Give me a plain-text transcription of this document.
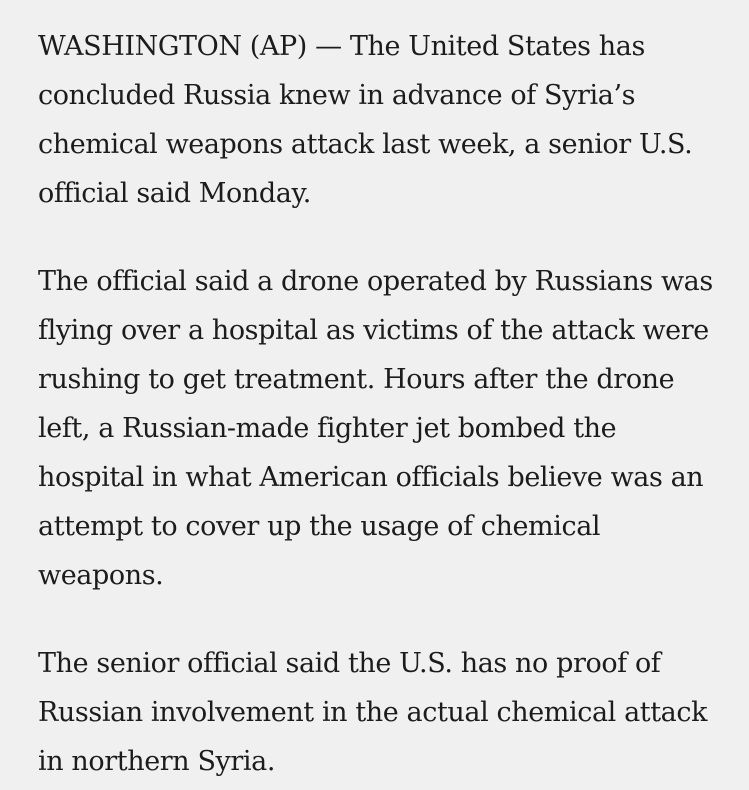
WASHINGTON (AP) — The United States has
concluded Russia knew in advance of Syria’s
chemical weapons attack last week, a senior U.S.
official said Monday.

The official said a drone operated by Russians was
flying over a hospital as victims of the attack were
rushing to get treatment. Hours after the drone
left, a Russian-made fighter jet bombed the
hospital in what American officials believe was an
attempt to cover up the usage of chemical
weapons.

The senior official said the U.S. has no proof of
Russian involvement in the actual chemical attack
in northern Syria.
